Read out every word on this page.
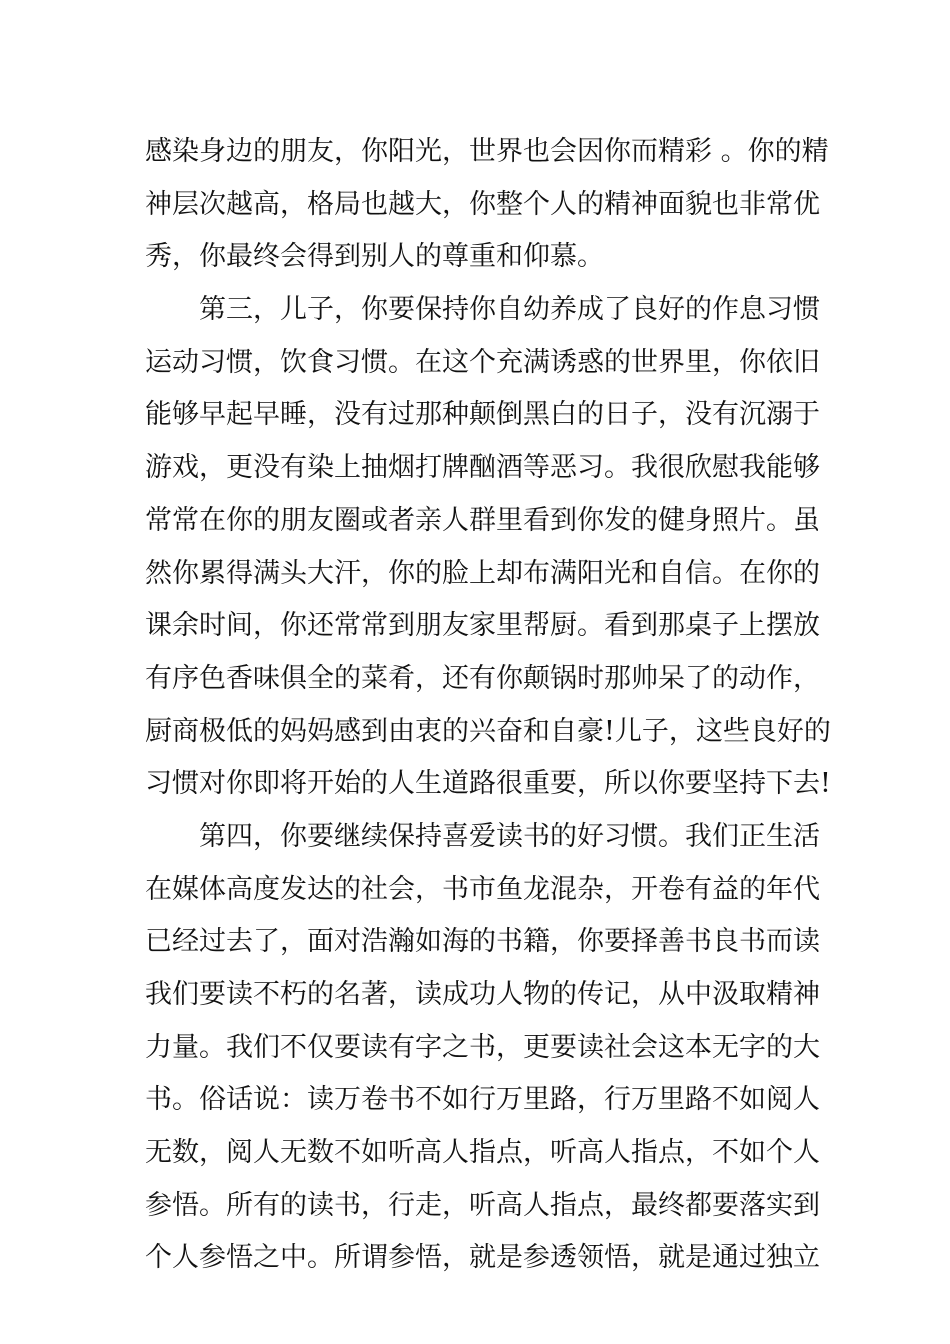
感染身边的朋友，你阳光，世界也会因你而精彩 。你的精
神层次越高，格局也越大，你整个人的精神面貌也非常优
秀，你最终会得到别人的尊重和仰慕。
第三，儿子，你要保持你自幼养成了良好的作息习惯
运动习惯，饮食习惯。在这个充满诱惑的世界里，你依旧
能够早起早睡，没有过那种颠倒黑白的日子，没有沉溺于
游戏，更没有染上抽烟打牌酗酒等恶习。我很欣慰我能够
常常在你的朋友圈或者亲人群里看到你发的健身照片。虽
然你累得满头大汗，你的脸上却布满阳光和自信。在你的
课余时间，你还常常到朋友家里帮厨。看到那桌子上摆放
有序色香味俱全的菜肴，还有你颠锅时那帅呆了的动作，
厨商极低的妈妈感到由衷的兴奋和自豪!儿子，这些良好的
习惯对你即将开始的人生道路很重要，所以你要坚持下去!
第四，你要继续保持喜爱读书的好习惯。我们正生活
在媒体高度发达的社会，书市鱼龙混杂，开卷有益的年代
已经过去了，面对浩瀚如海的书籍，你要择善书良书而读
我们要读不朽的名著，读成功人物的传记，从中汲取精神
力量。我们不仅要读有字之书，更要读社会这本无字的大
书。俗话说：读万卷书不如行万里路，行万里路不如阅人
无数，阅人无数不如听高人指点，听高人指点，不如个人
参悟。所有的读书，行走，听高人指点，最终都要落实到
个人参悟之中。所谓参悟，就是参透领悟，就是通过独立
